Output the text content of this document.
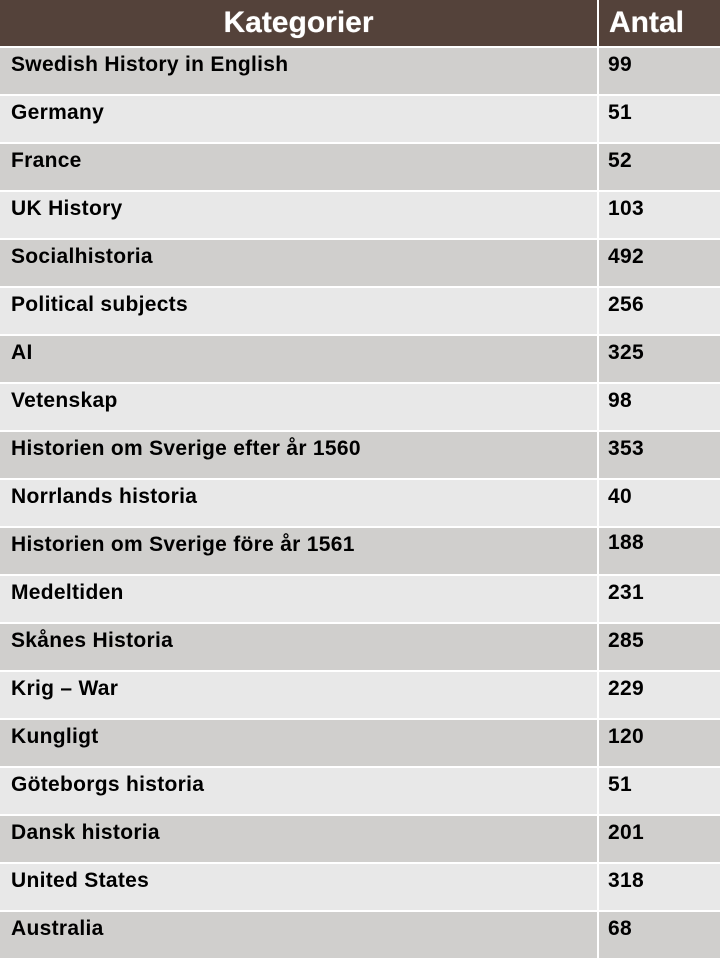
Kategorier	Antal
Swedish History in English	99
Germany	51
France	52
UK History	103
Socialhistoria	492
Political subjects	256
AI	325
Vetenskap	98
Historien om Sverige efter år 1560	353
Norrlands historia	40
Historien om Sverige före år 1561	188
Medeltiden	231
Skånes Historia	285
Krig – War	229
Kungligt	120
Göteborgs historia	51
Dansk historia	201
United States	318
Australia	68
